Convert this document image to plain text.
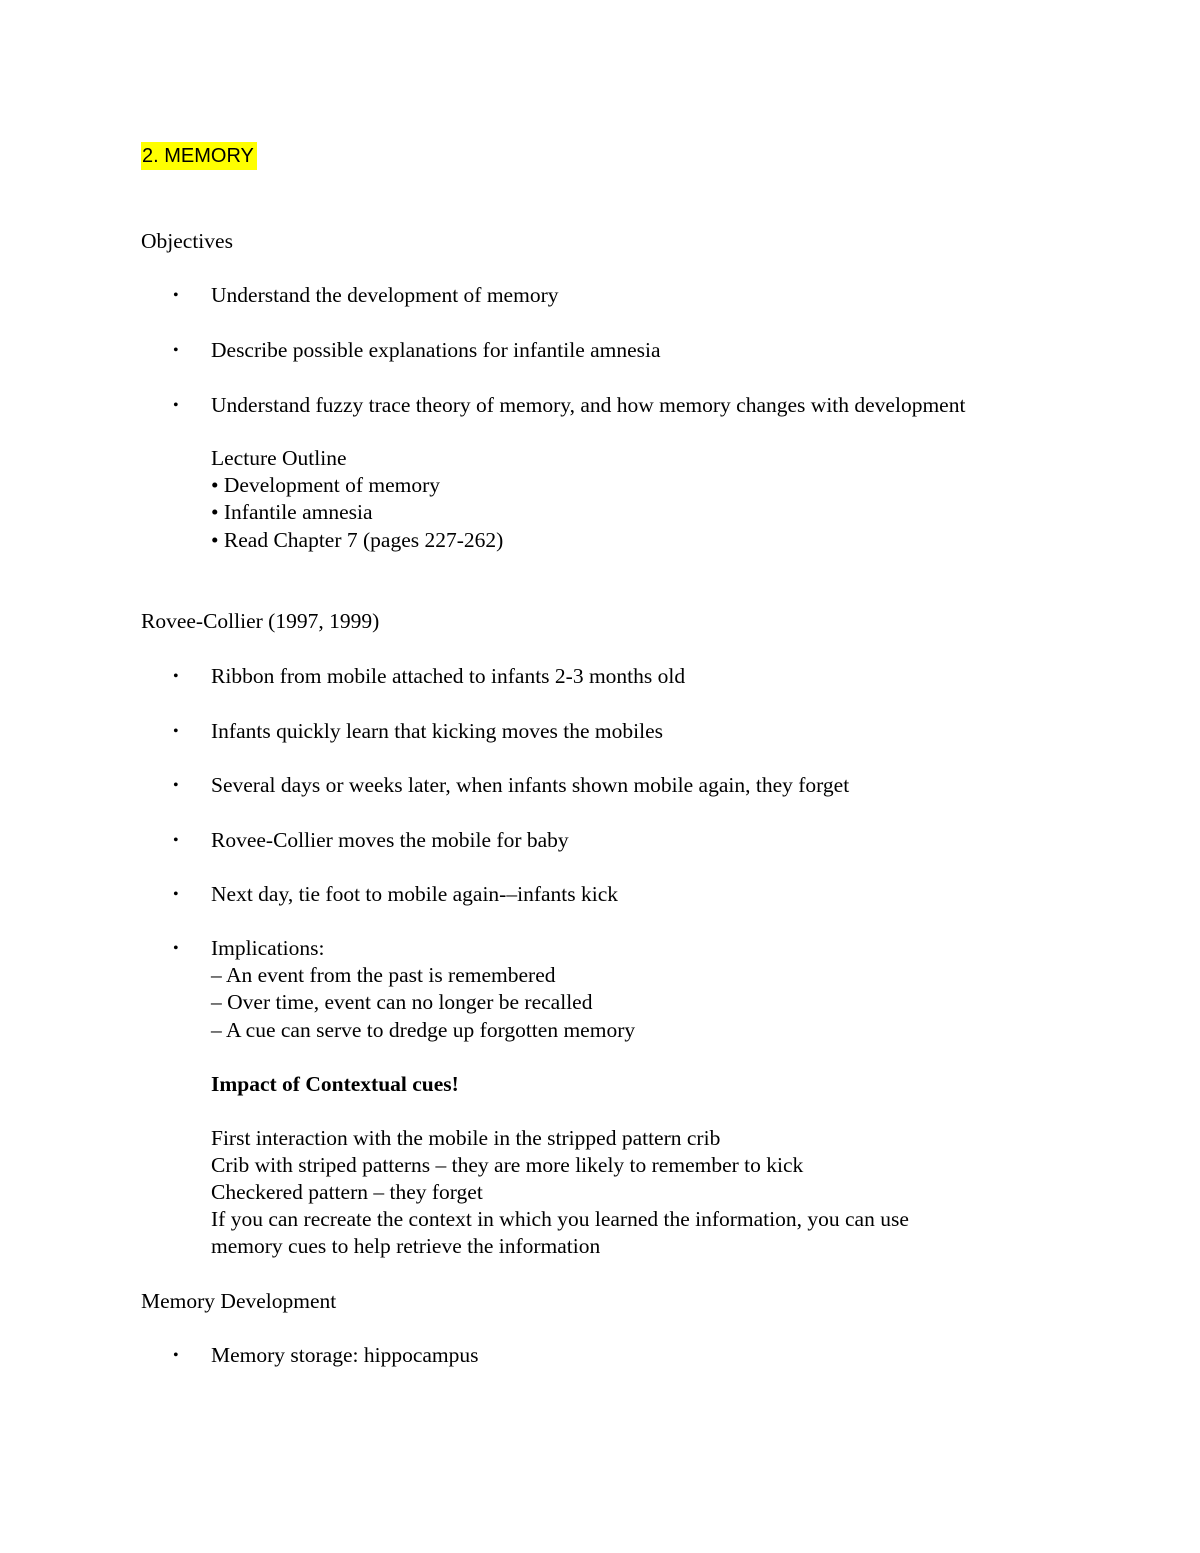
2. MEMORY
Objectives
• Understand the development of memory
• Describe possible explanations for infantile amnesia
• Understand fuzzy trace theory of memory, and how memory changes with development
Lecture Outline
• Development of memory
• Infantile amnesia
• Read Chapter 7 (pages 227-262)
Rovee-Collier (1997, 1999)
• Ribbon from mobile attached to infants 2-3 months old
• Infants quickly learn that kicking moves the mobiles
• Several days or weeks later, when infants shown mobile again, they forget
• Rovee-Collier moves the mobile for baby
• Next day, tie foot to mobile again-–infants kick
• Implications:
– An event from the past is remembered
– Over time, event can no longer be recalled
– A cue can serve to dredge up forgotten memory
Impact of Contextual cues!
First interaction with the mobile in the stripped pattern crib
Crib with striped patterns – they are more likely to remember to kick
Checkered pattern – they forget
If you can recreate the context in which you learned the information, you can use
memory cues to help retrieve the information
Memory Development
• Memory storage: hippocampus
